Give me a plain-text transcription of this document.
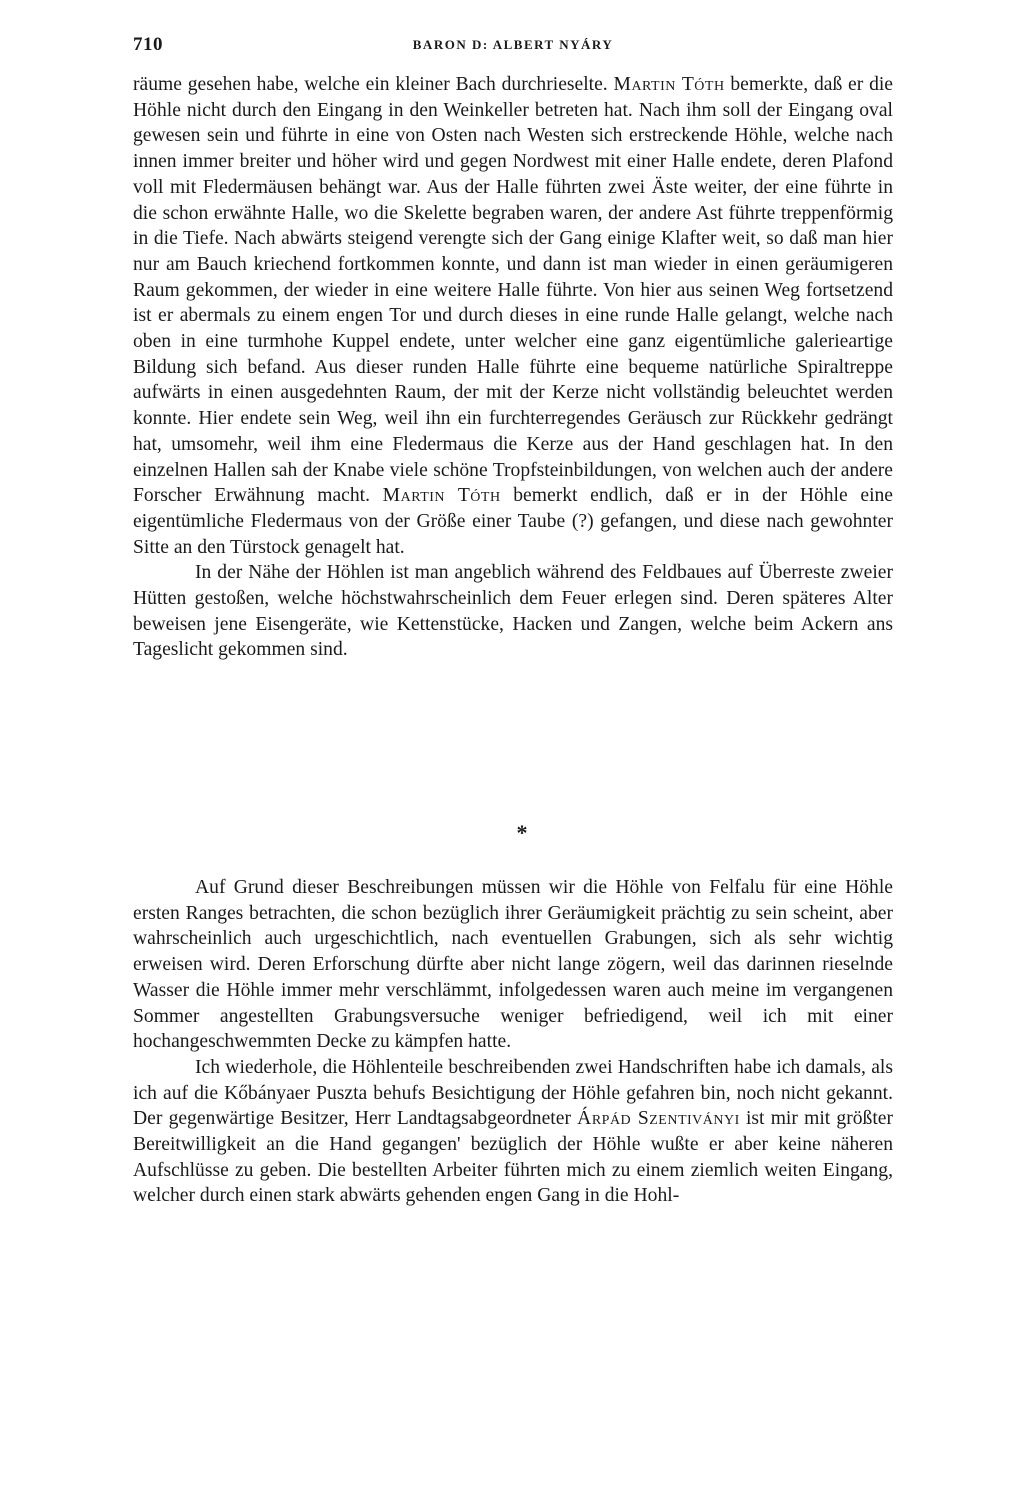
710	BARON D: ALBERT NYÁRY

räume gesehen habe, welche ein kleiner Bach durchrieselte. Martin Tóth bemerkte, daß er die Höhle nicht durch den Eingang in den Weinkeller betreten hat. Nach ihm soll der Eingang oval gewesen sein und führte in eine von Osten nach Westen sich erstreckende Höhle, welche nach innen immer breiter und höher wird und gegen Nordwest mit einer Halle endete, deren Plafond voll mit Fledermäusen behängt war. Aus der Halle führten zwei Äste weiter, der eine führte in die schon erwähnte Halle, wo die Skelette begraben waren, der andere Ast führte treppenförmig in die Tiefe. Nach abwärts steigend verengte sich der Gang einige Klafter weit, so daß man hier nur am Bauch kriechend fortkommen konnte, und dann ist man wieder in einen geräumigeren Raum gekommen, der wieder in eine weitere Halle führte. Von hier aus seinen Weg fortsetzend ist er abermals zu einem engen Tor und durch dieses in eine runde Halle gelangt, welche nach oben in eine turmhohe Kuppel endete, unter welcher eine ganz eigentümliche galerieartige Bildung sich befand. Aus dieser runden Halle führte eine bequeme natürliche Spiraltreppe aufwärts in einen ausgedehnten Raum, der mit der Kerze nicht vollständig beleuchtet werden konnte. Hier endete sein Weg, weil ihn ein furchterregendes Geräusch zur Rückkehr gedrängt hat, umsomehr, weil ihm eine Fledermaus die Kerze aus der Hand geschlagen hat. In den einzelnen Hallen sah der Knabe viele schöne Tropfsteinbildungen, von welchen auch der andere Forscher Erwähnung macht. Martin Tóth bemerkt endlich, daß er in der Höhle eine eigentümliche Fledermaus von der Größe einer Taube (?) gefangen, und diese nach gewohnter Sitte an den Türstock genagelt hat.

In der Nähe der Höhlen ist man angeblich während des Feldbaues auf Überreste zweier Hütten gestoßen, welche höchstwahrscheinlich dem Feuer erlegen sind. Deren späteres Alter beweisen jene Eisengeräte, wie Kettenstücke, Hacken und Zangen, welche beim Ackern ans Tageslicht gekommen sind.

*

Auf Grund dieser Beschreibungen müssen wir die Höhle von Felfalu für eine Höhle ersten Ranges betrachten, die schon bezüglich ihrer Geräumigkeit prächtig zu sein scheint, aber wahrscheinlich auch urgeschichtlich, nach eventuellen Grabungen, sich als sehr wichtig erweisen wird. Deren Erforschung dürfte aber nicht lange zögern, weil das darinnen rieselnde Wasser die Höhle immer mehr verschlämmt, infolgedessen waren auch meine im vergangenen Sommer angestellten Grabungsversuche weniger befriedigend, weil ich mit einer hochangeschwemmten Decke zu kämpfen hatte.

Ich wiederhole, die Höhlenteile beschreibenden zwei Handschriften habe ich damals, als ich auf die Kőbányaer Puszta behufs Besichtigung der Höhle gefahren bin, noch nicht gekannt. Der gegenwärtige Besitzer, Herr Landtagsabgeordneter Árpád Szentiványi ist mir mit größter Bereitwilligkeit an die Hand gegangen' bezüglich der Höhle wußte er aber keine näheren Aufschlüsse zu geben. Die bestellten Arbeiter führten mich zu einem ziemlich weiten Eingang, welcher durch einen stark abwärts gehenden engen Gang in die Hohl-
